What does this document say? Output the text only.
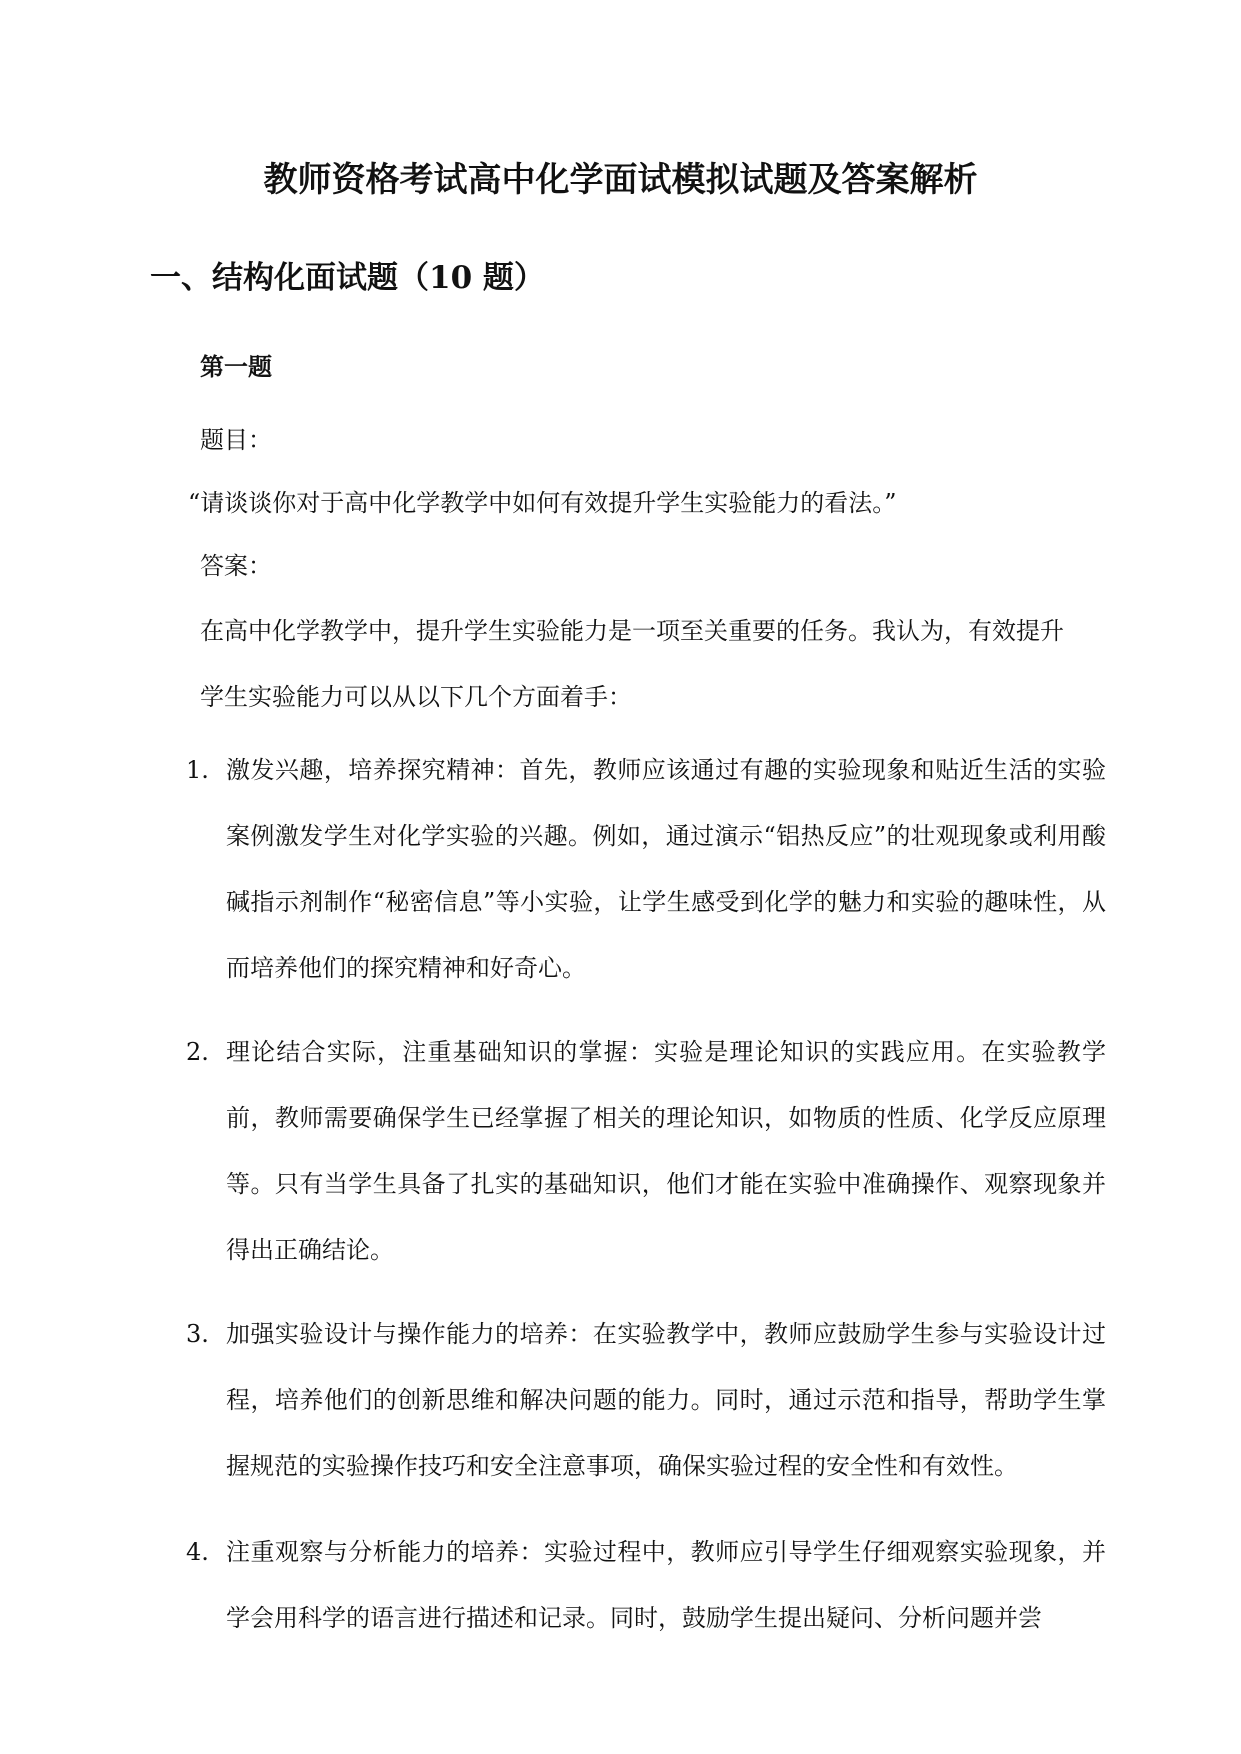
教师资格考试高中化学面试模拟试题及答案解析
一、结构化面试题（10 题）
第一题
题目：
“请谈谈你对于高中化学教学中如何有效提升学生实验能力的看法。”
答案：
在高中化学教学中，提升学生实验能力是一项至关重要的任务。我认为，有效提升
学生实验能力可以从以下几个方面着手：
1. 激发兴趣，培养探究精神：首先，教师应该通过有趣的实验现象和贴近生活的实验案例激发学生对化学实验的兴趣。例如，通过演示“铝热反应”的壮观现象或利用酸碱指示剂制作“秘密信息”等小实验，让学生感受到化学的魅力和实验的趣味性，从而培养他们的探究精神和好奇心。
2. 理论结合实际，注重基础知识的掌握：实验是理论知识的实践应用。在实验教学前，教师需要确保学生已经掌握了相关的理论知识，如物质的性质、化学反应原理等。只有当学生具备了扎实的基础知识，他们才能在实验中准确操作、观察现象并得出正确结论。
3. 加强实验设计与操作能力的培养：在实验教学中，教师应鼓励学生参与实验设计过程，培养他们的创新思维和解决问题的能力。同时，通过示范和指导，帮助学生掌握规范的实验操作技巧和安全注意事项，确保实验过程的安全性和有效性。
4. 注重观察与分析能力的培养：实验过程中，教师应引导学生仔细观察实验现象，并学会用科学的语言进行描述和记录。同时，鼓励学生提出疑问、分析问题并尝
